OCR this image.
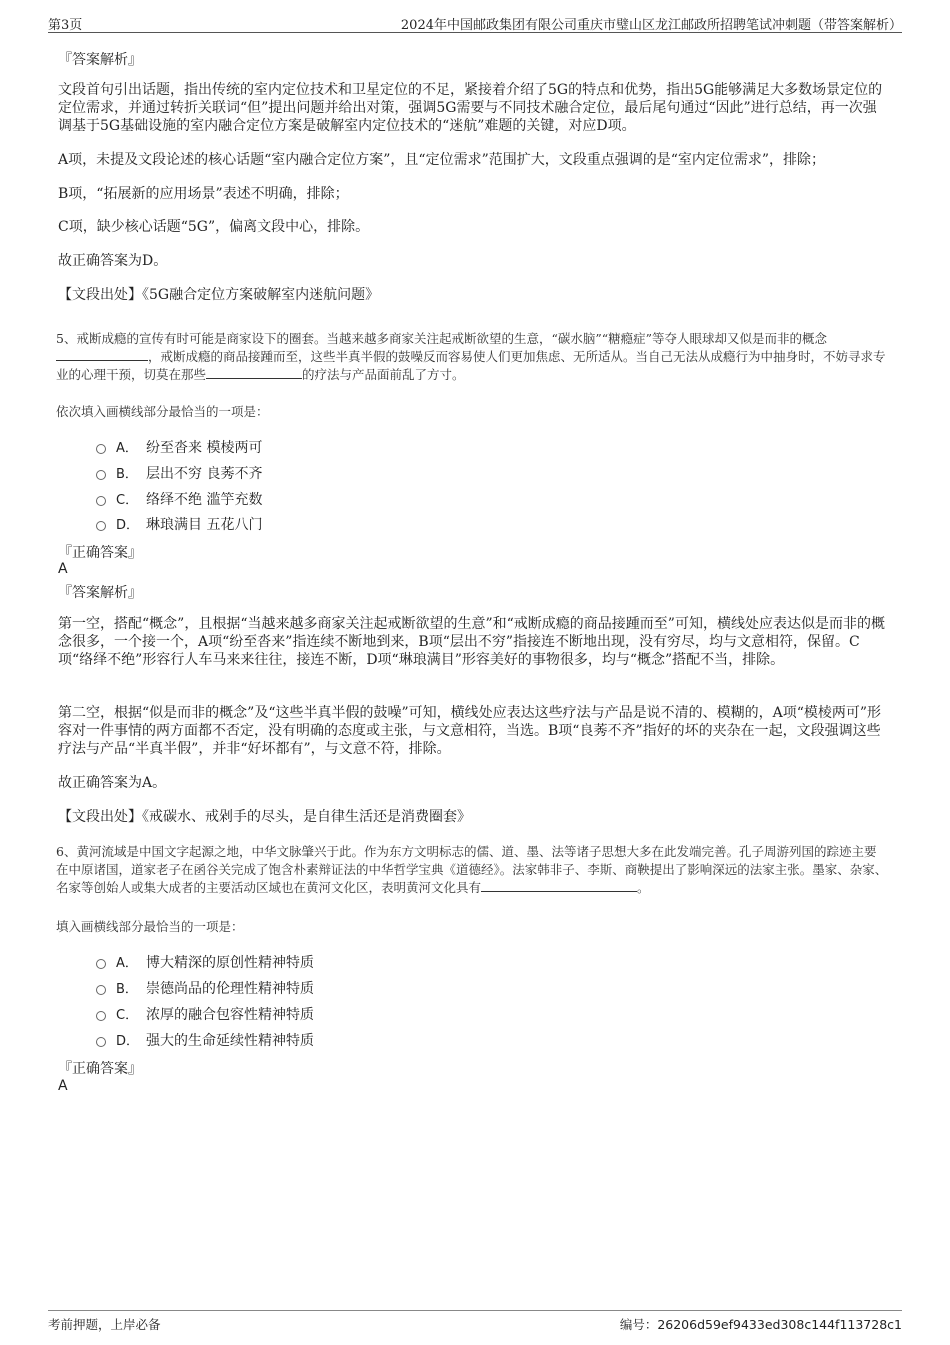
第3页	2024年中国邮政集团有限公司重庆市璧山区龙江邮政所招聘笔试冲刺题（带答案解析）
『答案解析』
文段首句引出话题，指出传统的室内定位技术和卫星定位的不足，紧接着介绍了5G的特点和优势，指出5G能够满足大多数场景定位的定位需求，并通过转折关联词“但”提出问题并给出对策，强调5G需要与不同技术融合定位，最后尾句通过“因此”进行总结，再一次强调基于5G基础设施的室内融合定位方案是破解室内定位技术的“迷航”难题的关键，对应D项。
A项，未提及文段论述的核心话题“室内融合定位方案”，且“定位需求”范围扩大，文段重点强调的是“室内定位需求”，排除；
B项，“拓展新的应用场景”表述不明确，排除；
C项，缺少核心话题“5G”，偏离文段中心，排除。
故正确答案为D。
【文段出处】《5G融合定位方案破解室内迷航问题》
5、戒断成瘾的宣传有时可能是商家设下的圈套。当越来越多商家关注起戒断欲望的生意，“碳水脑”“糖瘾症”等夺人眼球却又似是而非的概念
，戒断成瘾的商品接踵而至，这些半真半假的鼓噪反而容易使人们更加焦虑、无所适从。当自己无法从成瘾行为中抽身时，不妨寻求专业的心理干预，切莫在那些	的疗法与产品面前乱了方寸。
依次填入画横线部分最恰当的一项是：
A． 纷至沓来 模棱两可
B． 层出不穷 良莠不齐
C． 络绎不绝 滥竽充数
D． 琳琅满目 五花八门
『正确答案』
A
『答案解析』
第一空，搭配“概念”，且根据“当越来越多商家关注起戒断欲望的生意”和“戒断成瘾的商品接踵而至”可知，横线处应表达似是而非的概念很多，一个接一个，A项“纷至沓来”指连续不断地到来，B项“层出不穷”指接连不断地出现，没有穷尽，均与文意相符，保留。C项“络绎不绝”形容行人车马来来往往，接连不断，D项“琳琅满目”形容美好的事物很多，均与“概念”搭配不当，排除。
第二空，根据“似是而非的概念”及“这些半真半假的鼓噪”可知，横线处应表达这些疗法与产品是说不清的、模糊的，A项“模棱两可”形容对一件事情的两方面都不否定，没有明确的态度或主张，与文意相符，当选。B项“良莠不齐”指好的坏的夹杂在一起，文段强调这些疗法与产品“半真半假”，并非“好坏都有”，与文意不符，排除。
故正确答案为A。
【文段出处】《戒碳水、戒剁手的尽头，是自律生活还是消费圈套》
6、黄河流域是中国文字起源之地，中华文脉肇兴于此。作为东方文明标志的儒、道、墨、法等诸子思想大多在此发端完善。孔子周游列国的踪迹主要在中原诸国，道家老子在函谷关完成了饱含朴素辩证法的中华哲学宝典《道德经》。法家韩非子、李斯、商鞅提出了影响深远的法家主张。墨家、杂家、名家等创始人或集大成者的主要活动区域也在黄河文化区，表明黄河文化具有	。
填入画横线部分最恰当的一项是：
A． 博大精深的原创性精神特质
B． 崇德尚品的伦理性精神特质
C． 浓厚的融合包容性精神特质
D． 强大的生命延续性精神特质
『正确答案』
A
考前押题，上岸必备	编号：26206d59ef9433ed308c144f113728c1
